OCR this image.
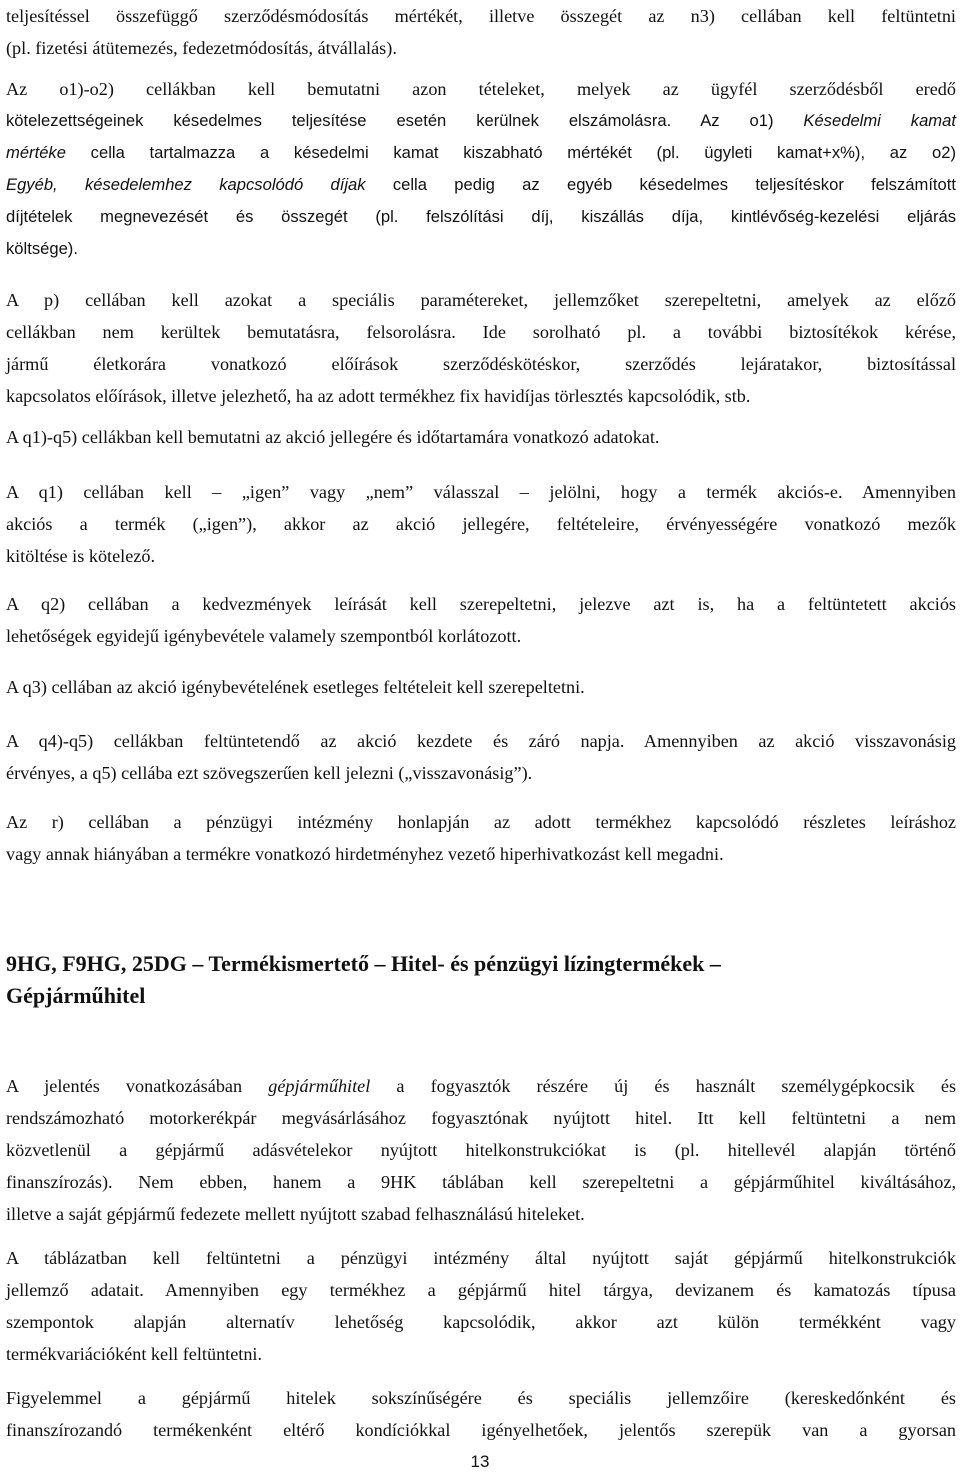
teljesítéssel összefüggő szerződésmódosítás mértékét, illetve összegét az n3) cellában kell feltüntetni
(pl. fizetési átütemezés, fedezetmódosítás, átvállalás).
Az o1)-o2) cellákban kell bemutatni azon tételeket, melyek az ügyfél szerződésből eredő
kötelezettségeinek késedelmes teljesítése esetén kerülnek elszámolásra. Az o1) Késedelmi kamat
mértéke cella tartalmazza a késedelmi kamat kiszabható mértékét (pl. ügyleti kamat+x%), az o2)
Egyéb, késedelemhez kapcsolódó díjak cella pedig az egyéb késedelmes teljesítéskor felszámított
díjtételek megnevezését és összegét (pl. felszólítási díj, kiszállás díja, kintlévőség-kezelési eljárás
költsége).
A p) cellában kell azokat a speciális paramétereket, jellemzőket szerepeltetni, amelyek az előző
cellákban nem kerültek bemutatásra, felsorolásra. Ide sorolható pl. a további biztosítékok kérése,
jármű életkorára vonatkozó előírások szerződéskötéskor, szerződés lejáratakor, biztosítással
kapcsolatos előírások, illetve jelezhető, ha az adott termékhez fix havidíjas törlesztés kapcsolódik, stb.
A q1)-q5) cellákban kell bemutatni az akció jellegére és időtartamára vonatkozó adatokat.
A q1) cellában kell – „igen” vagy „nem” válasszal – jelölni, hogy a termék akciós-e. Amennyiben
akciós a termék („igen”), akkor az akció jellegére, feltételeire, érvényességére vonatkozó mezők
kitöltése is kötelező.
A q2) cellában a kedvezmények leírását kell szerepeltetni, jelezve azt is, ha a feltüntetett akciós
lehetőségek egyidejű igénybevétele valamely szempontból korlátozott.
A q3) cellában az akció igénybevételének esetleges feltételeit kell szerepeltetni.
A q4)-q5) cellákban feltüntetendő az akció kezdete és záró napja. Amennyiben az akció visszavonásig
érvényes, a q5) cellába ezt szövegszerűen kell jelezni („visszavonásig”).
Az r) cellában a pénzügyi intézmény honlapján az adott termékhez kapcsolódó részletes leíráshoz
vagy annak hiányában a termékre vonatkozó hirdetményhez vezető hiperhivatkozást kell megadni.
9HG, F9HG, 25DG – Termékismertető – Hitel- és pénzügyi lízingtermékek –
Gépjárműhitel
A jelentés vonatkozásában gépjárműhitel a fogyasztók részére új és használt személygépkocsik és
rendszámozható motorkerékpár megvásárlásához fogyasztónak nyújtott hitel. Itt kell feltüntetni a nem
közvetlenül a gépjármű adásvételekor nyújtott hitelkonstrukciókat is (pl. hitellevél alapján történő
finanszírozás). Nem ebben, hanem a 9HK táblában kell szerepeltetni a gépjárműhitel kiváltásához,
illetve a saját gépjármű fedezete mellett nyújtott szabad felhasználású hiteleket.
A táblázatban kell feltüntetni a pénzügyi intézmény által nyújtott saját gépjármű hitelkonstrukciók
jellemző adatait. Amennyiben egy termékhez a gépjármű hitel tárgya, devizanem és kamatozás típusa
szempontok alapján alternatív lehetőség kapcsolódik, akkor azt külön termékként vagy
termékvariációként kell feltüntetni.
Figyelemmel a gépjármű hitelek sokszínűségére és speciális jellemzőire (kereskedőnként és
finanszírozandó termékenként eltérő kondíciókkal igényelhetőek, jelentős szerepük van a gyorsan
13
